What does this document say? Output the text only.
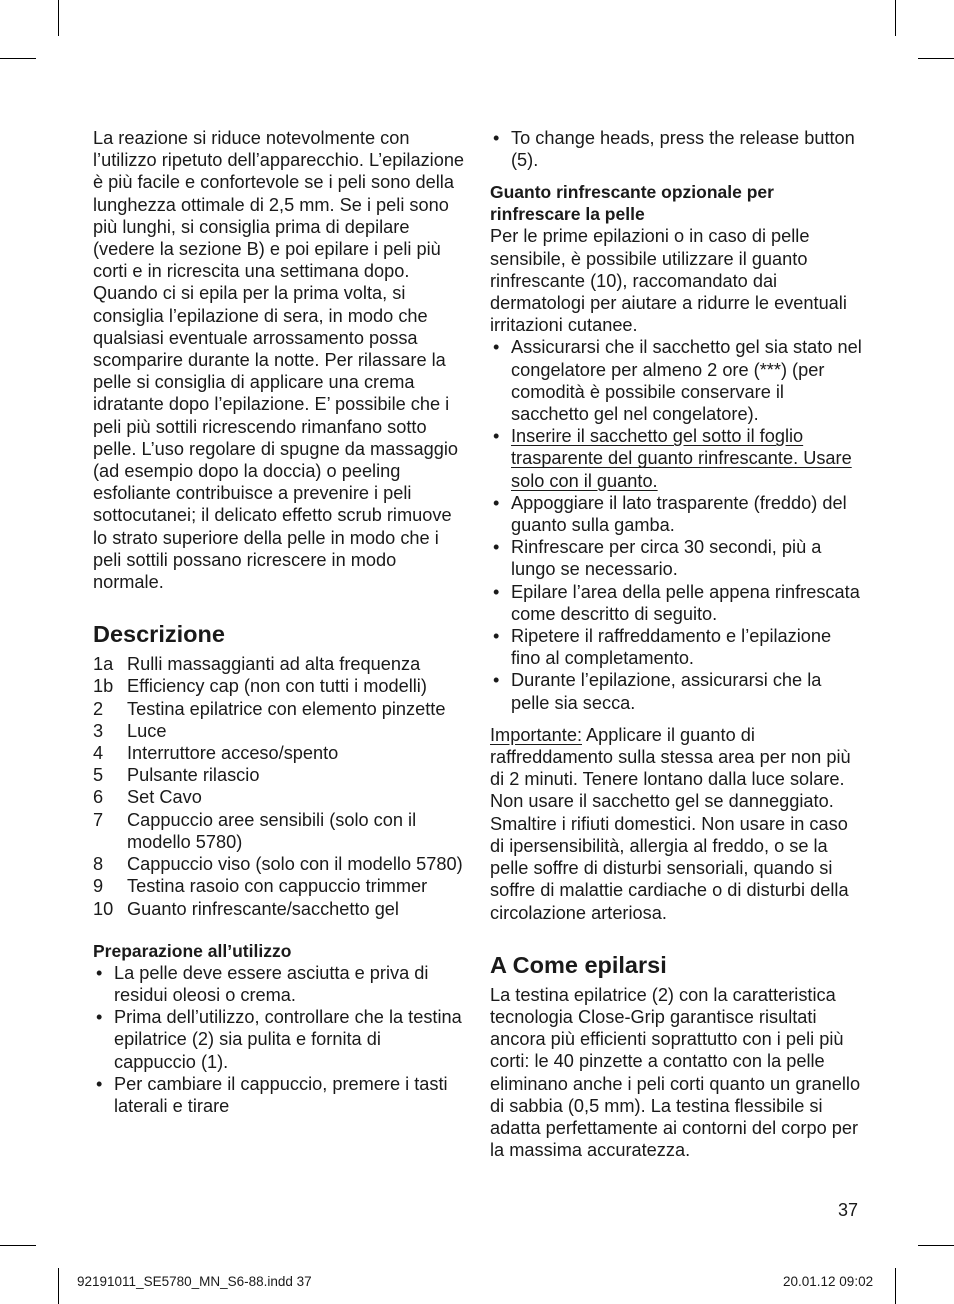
La reazione si riduce notevolmente con l’utilizzo ripetuto dell’apparecchio. L’epilazione è più facile e confortevole se i peli sono della lunghezza ottimale di 2,5 mm. Se i peli sono più lunghi, si consiglia prima di depilare (vedere la sezione B) e poi epilare i peli più corti e in ricrescita una settimana dopo. Quando ci si epila per la prima volta, si consiglia l’epilazione di sera, in modo che qualsiasi eventuale arrossamento possa scomparire durante la notte. Per rilassare la pelle si consiglia di applicare una crema idratante dopo l’epilazione. E’ possibile che i peli più sottili ricrescendo rimanfano sotto pelle. L’uso regolare di spugne da massaggio (ad esempio dopo la doccia) o peeling esfoliante contribuisce a prevenire i peli sottocutanei; il delicato effetto scrub rimuove lo strato superiore della pelle in modo che i peli sottili possano ricrescere in modo normale.

Descrizione
1a Rulli massaggianti ad alta frequenza
1b Efficiency cap (non con tutti i modelli)
2	Testina epilatrice con elemento pinzette
3	Luce
4	Interruttore acceso/spento
5	Pulsante rilascio
6	Set Cavo
7	Cappuccio aree sensibili (solo con il modello 5780)
8	Cappuccio viso (solo con il modello 5780)
9	Testina rasoio con cappuccio trimmer
10 Guanto rinfrescante/sacchetto gel
Preparazione all’utilizzo
• La pelle deve essere asciutta e priva di residui oleosi o crema.
• Prima dell’utilizzo, controllare che la testina epilatrice (2) sia pulita e fornita di cappuccio (1).
• Per cambiare il cappuccio, premere i tasti laterali e tirare
• To change heads, press the release button (5).
Guanto rinfrescante opzionale per rinfrescare la pelle

Per le prime epilazioni o in caso di pelle sensibile, è possibile utilizzare il guanto rinfrescante (10), raccomandato dai dermatologi per aiutare a ridurre le eventuali irritazioni cutanee.

• Assicurarsi che il sacchetto gel sia stato nel congelatore per almeno 2 ore (***) (per comodità è possibile conservare il sacchetto gel nel congelatore).
• Inserire il sacchetto gel sotto il foglio trasparente del guanto rinfrescante. Usare solo con il guanto.
• Appoggiare il lato trasparente (freddo) del guanto sulla gamba.
• Rinfrescare per circa 30 secondi, più a lungo se necessario.
• Epilare l’area della pelle appena rinfrescata come descritto di seguito.
• Ripetere il raffreddamento e l’epilazione fino al completamento.
• Durante l’epilazione, assicurarsi che la pelle sia secca.

Importante: Applicare il guanto di raffreddamento sulla stessa area per non più di 2 minuti. Tenere lontano dalla luce solare. Non usare il sacchetto gel se danneggiato. Smaltire i rifiuti domestici. Non usare in caso di ipersensibilità, allergia al freddo, o se la pelle soffre di disturbi sensoriali, quando si soffre di malattie cardiache o di disturbi della circolazione arteriosa.

A Come epilarsi

La testina epilatrice (2) con la caratteristica tecnologia Close-Grip garantisce risultati ancora più efficienti soprattutto con i peli più corti: le 40 pinzette a contatto con la pelle eliminano anche i peli corti quanto un granello di sabbia (0,5 mm). La testina flessibile si adatta perfettamente ai contorni del corpo per la massima accuratezza.

37
92191011_SE5780_MN_S6-88.indd 37	20.01.12 09:02
